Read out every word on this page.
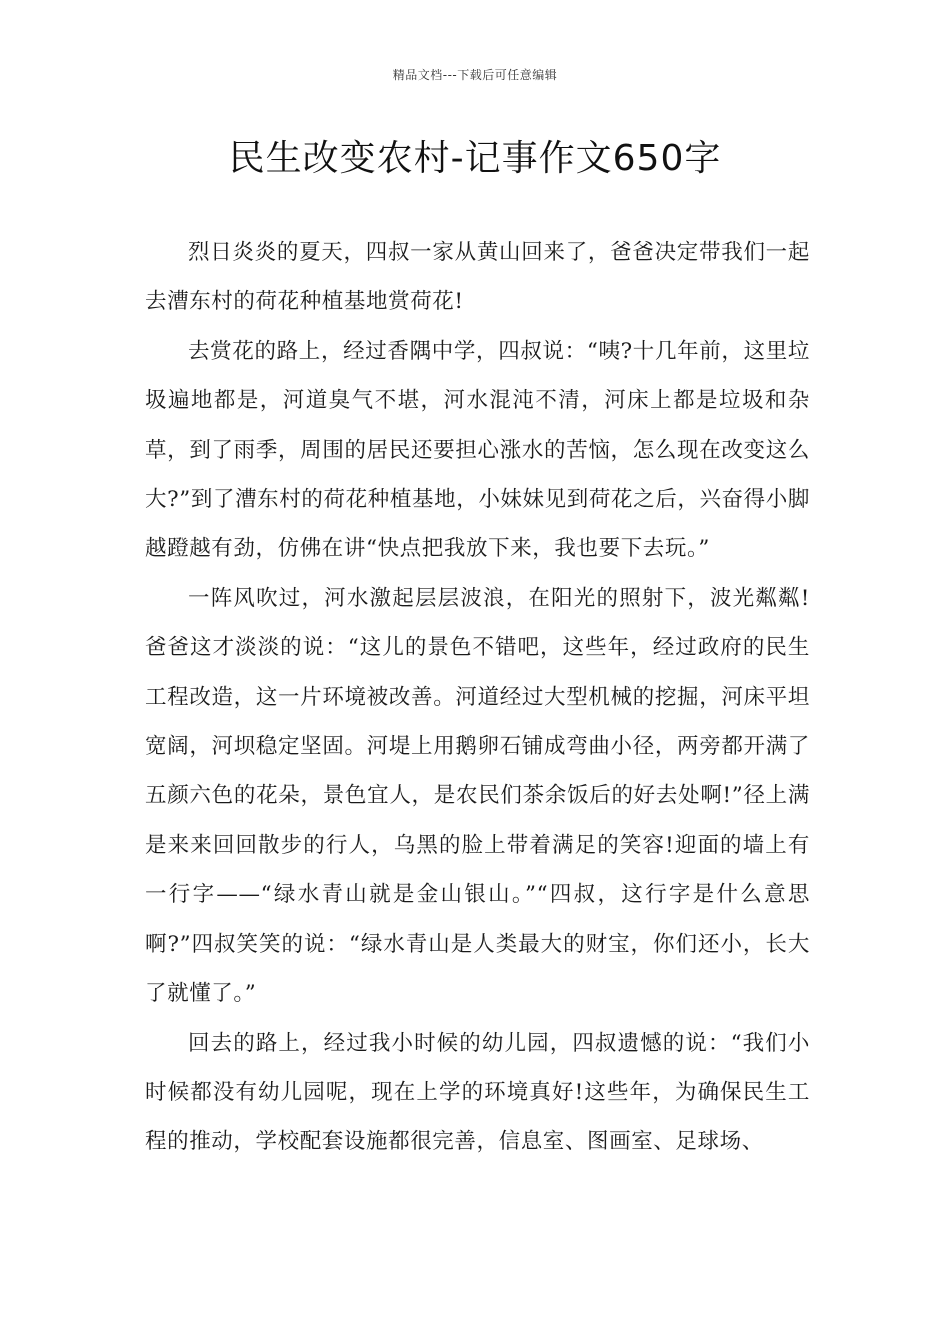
精品文档---下载后可任意编辑
民生改变农村-记事作文650字

烈日炎炎的夏天，四叔一家从黄山回来了，爸爸决定带我们一起去漕东村的荷花种植基地赏荷花!

去赏花的路上，经过香隅中学，四叔说：“咦?十几年前，这里垃圾遍地都是，河道臭气不堪，河水混沌不清，河床上都是垃圾和杂草，到了雨季，周围的居民还要担心涨水的苦恼，怎么现在改变这么大?”到了漕东村的荷花种植基地，小妹妹见到荷花之后，兴奋得小脚越蹬越有劲，仿佛在讲“快点把我放下来，我也要下去玩。”

一阵风吹过，河水激起层层波浪，在阳光的照射下，波光粼粼!爸爸这才淡淡的说：“这儿的景色不错吧，这些年，经过政府的民生工程改造，这一片环境被改善。河道经过大型机械的挖掘，河床平坦宽阔，河坝稳定坚固。河堤上用鹅卵石铺成弯曲小径，两旁都开满了五颜六色的花朵，景色宜人，是农民们茶余饭后的好去处啊!”径上满是来来回回散步的行人，乌黑的脸上带着满足的笑容!迎面的墙上有一行字——“绿水青山就是金山银山。”“四叔，这行字是什么意思啊?”四叔笑笑的说：“绿水青山是人类最大的财宝，你们还小，长大了就懂了。”

回去的路上，经过我小时候的幼儿园，四叔遗憾的说：“我们小时候都没有幼儿园呢，现在上学的环境真好!这些年，为确保民生工程的推动，学校配套设施都很完善，信息室、图画室、足球场、
